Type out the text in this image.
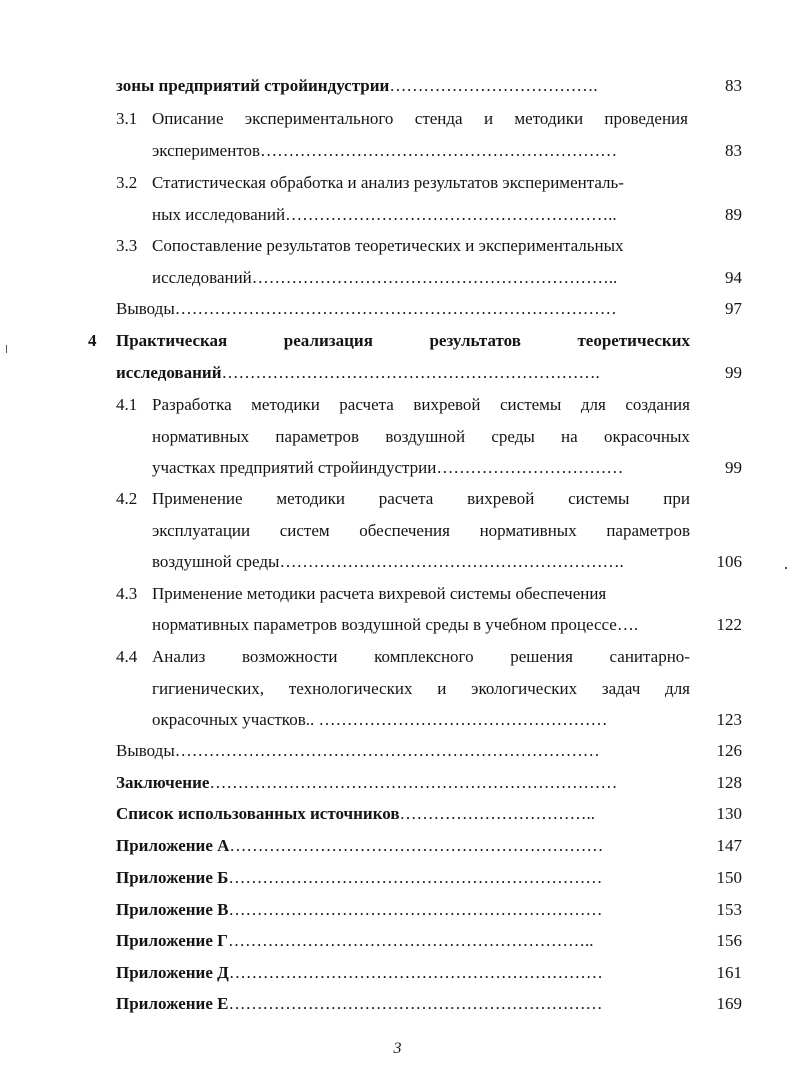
зоны предприятий стройиндустрии……………………………….	83
3.1 Описание экспериментального стенда и методики проведения
экспериментов………………………………………………………	83
3.2 Статистическая обработка и анализ результатов эксперименталь-
ных исследований…………………………………………………..	89
3.3 Сопоставление результатов теоретических и экспериментальных
исследований………………………………………………………..	94
Выводы……………………………………………………………………	97
4 Практическая	реализация	результатов	теоретических
исследований………………………………………………………….	99
4.1 Разработка методики расчета вихревой системы для создания
нормативных параметров воздушной среды на окрасочных
участках предприятий стройиндустрии……………………………	99
4.2 Применение методики расчета вихревой системы при
эксплуатации систем обеспечения нормативных параметров
воздушной среды…………………………………………………….	106
4.3 Применение методики расчета вихревой системы обеспечения
нормативных параметров воздушной среды в учебном процессе….	122
4.4 Анализ возможности комплексного решения санитарно-
гигиенических, технологических и экологических задач для
окрасочных участков.. ……………………………………………	123
Выводы…………………………………………………………………	126
Заключение………………………………………………………………	128
Список использованных источников……………………………..	130
Приложение А…………………………………………………………	147
Приложение Б…………………………………………………………	150
Приложение В…………………………………………………………	153
Приложение Г………………………………………………………..	156
Приложение Д…………………………………………………………	161
Приложение Е…………………………………………………………	169
3
